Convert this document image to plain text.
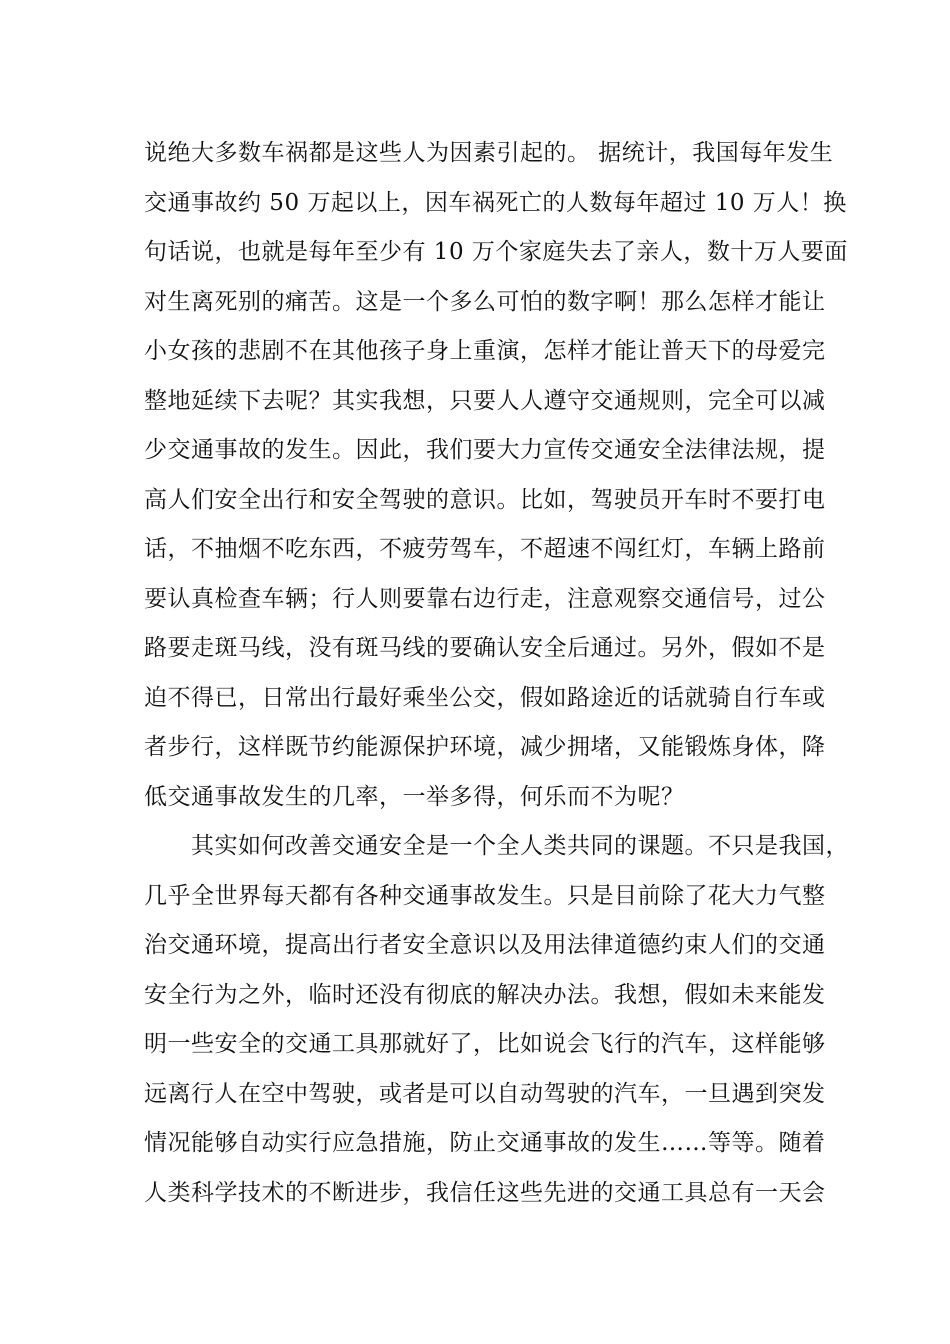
说绝大多数车祸都是这些人为因素引起的。 据统计，我国每年发生
交通事故约 50 万起以上，因车祸死亡的人数每年超过 10 万人！换
句话说，也就是每年至少有 10 万个家庭失去了亲人，数十万人要面
对生离死别的痛苦。这是一个多么可怕的数字啊！那么怎样才能让
小女孩的悲剧不在其他孩子身上重演，怎样才能让普天下的母爱完
整地延续下去呢？其实我想，只要人人遵守交通规则，完全可以减
少交通事故的发生。因此，我们要大力宣传交通安全法律法规，提
高人们安全出行和安全驾驶的意识。比如，驾驶员开车时不要打电
话，不抽烟不吃东西，不疲劳驾车，不超速不闯红灯，车辆上路前
要认真检查车辆；行人则要靠右边行走，注意观察交通信号，过公
路要走斑马线，没有斑马线的要确认安全后通过。另外，假如不是
迫不得已，日常出行最好乘坐公交，假如路途近的话就骑自行车或
者步行，这样既节约能源保护环境，减少拥堵，又能锻炼身体，降
低交通事故发生的几率，一举多得，何乐而不为呢？
　　其实如何改善交通安全是一个全人类共同的课题。不只是我国，
几乎全世界每天都有各种交通事故发生。只是目前除了花大力气整
治交通环境，提高出行者安全意识以及用法律道德约束人们的交通
安全行为之外，临时还没有彻底的解决办法。我想，假如未来能发
明一些安全的交通工具那就好了，比如说会飞行的汽车，这样能够
远离行人在空中驾驶，或者是可以自动驾驶的汽车，一旦遇到突发
情况能够自动实行应急措施，防止交通事故的发生……等等。随着
人类科学技术的不断进步，我信任这些先进的交通工具总有一天会
